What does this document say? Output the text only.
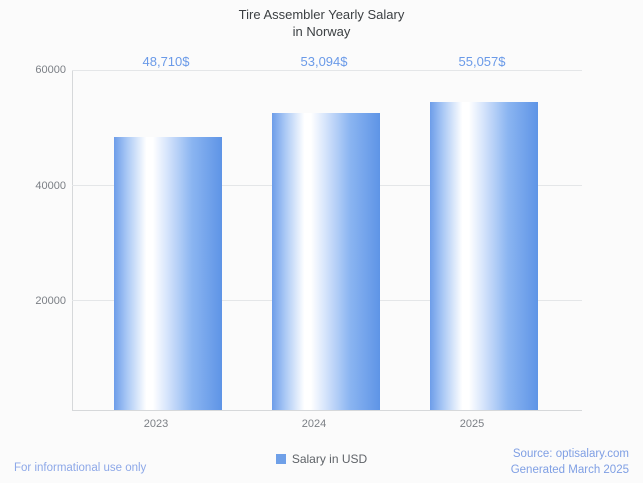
Tire Assembler Yearly Salary
in Norway
60000
40000
20000
48,710$	53,094$	55,057$
2023	2024	2025
Salary in USD
For informational use only
Source: optisalary.com
Generated March 2025
